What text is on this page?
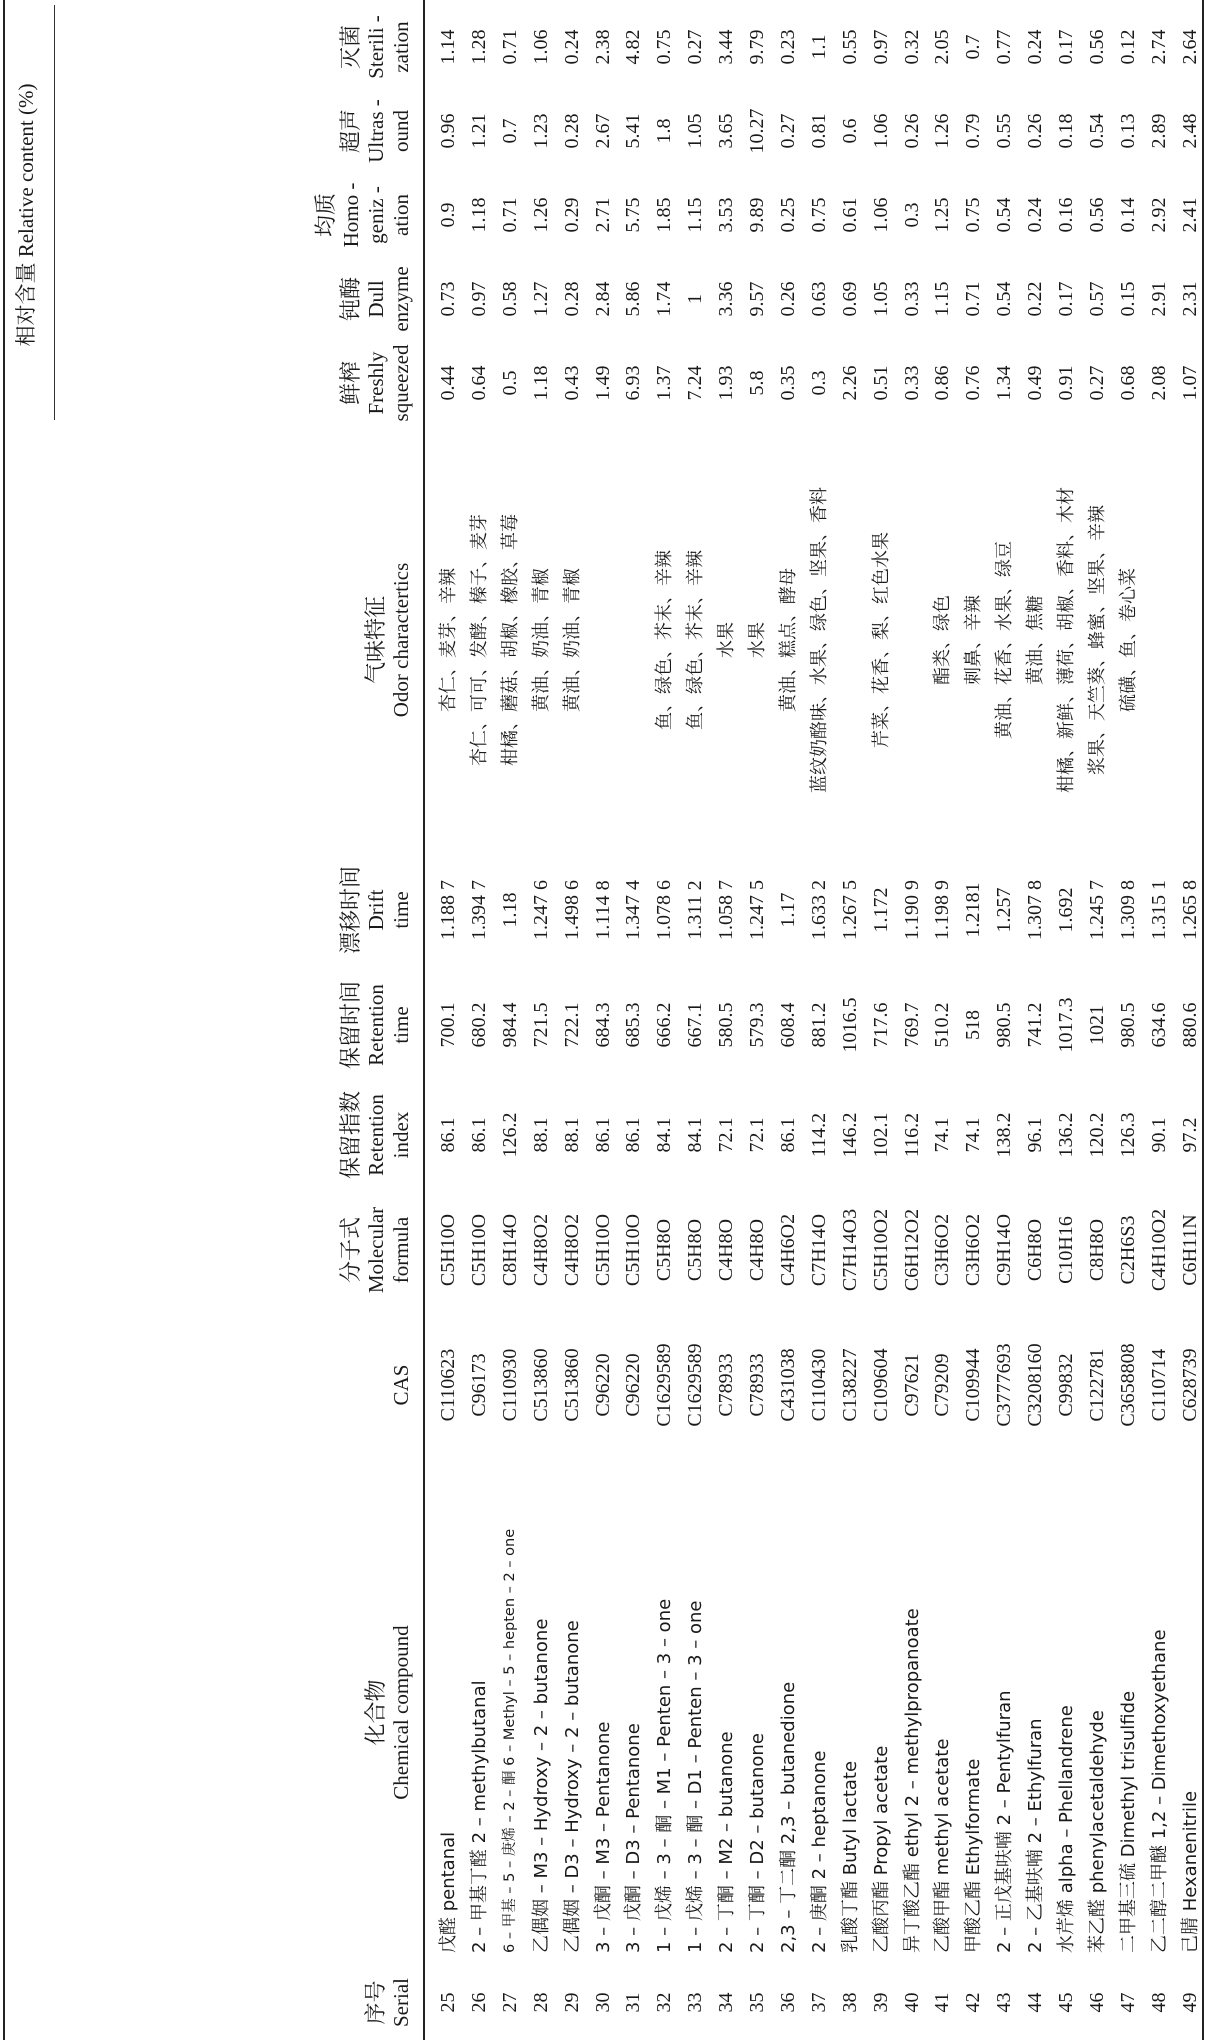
序号 Serial
化合物 Chemical compound
CAS
分子式 Molecular formula
保留指数 Retention index
保留时间 Retention time
漂移时间 Drift time
气味特征 Odor charactertics
相对含量 Relative content (%)
鲜榨 Freshly squeezed
钝酶 Dull enzyme
均质 Homo - geniz - ation
超声 Ultras - ound
灭菌 Sterili - zation
25
戊醛 pentanal
C110623
C5H10O
86.1
700.1
1.188 7
杏仁、麦芽、辛辣
0.44
0.73
0.9
0.96
1.14
26
2 – 甲基丁醛 2 – methylbutanal
C96173
C5H10O
86.1
680.2
1.394 7
杏仁、可可、发酵、榛子、麦芽
0.64
0.97
1.18
1.21
1.28
27
6 – 甲基 – 5 – 庚烯 – 2 – 酮 6 – Methyl – 5 – hepten – 2 – one
C110930
C8H14O
126.2
984.4
1.18
柑橘、蘑菇、胡椒、橡胶、草莓
0.5
0.58
0.71
0.7
0.71
28
乙偶姻 – M3 – Hydroxy – 2 – butanone
C513860
C4H8O2
88.1
721.5
1.247 6
黄油、奶油、青椒
1.18
1.27
1.26
1.23
1.06
29
乙偶姻 – D3 – Hydroxy – 2 – butanone
C513860
C4H8O2
88.1
722.1
1.498 6
黄油、奶油、青椒
0.43
0.28
0.29
0.28
0.24
30
3 – 戊酮 – M3 – Pentanone
C96220
C5H10O
86.1
684.3
1.114 8
1.49
2.84
2.71
2.67
2.38
31
3 – 戊酮 – D3 – Pentanone
C96220
C5H10O
86.1
685.3
1.347 4
6.93
5.86
5.75
5.41
4.82
32
1 – 戊烯 – 3 – 酮 – M1 – Penten – 3 – one
C1629589
C5H8O
84.1
666.2
1.078 6
鱼、绿色、芥末、辛辣
1.37
1.74
1.85
1.8
0.75
33
1 – 戊烯 – 3 – 酮 – D1 – Penten – 3 – one
C1629589
C5H8O
84.1
667.1
1.311 2
鱼、绿色、芥末、辛辣
7.24
1
1.15
1.05
0.27
34
2 – 丁酮 – M2 – butanone
C78933
C4H8O
72.1
580.5
1.058 7
水果
1.93
3.36
3.53
3.65
3.44
35
2 – 丁酮 – D2 – butanone
C78933
C4H8O
72.1
579.3
1.247 5
水果
5.8
9.57
9.89
10.27
9.79
36
2,3 – 丁二酮 2,3 – butanedione
C431038
C4H6O2
86.1
608.4
1.17
黄油、糕点、酵母
0.35
0.26
0.25
0.27
0.23
37
2 – 庚酮 2 – heptanone
C110430
C7H14O
114.2
881.2
1.633 2
蓝纹奶酪味、水果、绿色、坚果、香料
0.3
0.63
0.75
0.81
1.1
38
乳酸丁酯 Butyl lactate
C138227
C7H14O3
146.2
1016.5
1.267 5
2.26
0.69
0.61
0.6
0.55
39
乙酸丙酯 Propyl acetate
C109604
C5H10O2
102.1
717.6
1.172
芹菜、花香、梨、红色水果
0.51
1.05
1.06
1.06
0.97
40
异丁酸乙酯 ethyl 2 – methylpropanoate
C97621
C6H12O2
116.2
769.7
1.190 9
0.33
0.33
0.3
0.26
0.32
41
乙酸甲酯 methyl acetate
C79209
C3H6O2
74.1
510.2
1.198 9
酯类、绿色
0.86
1.15
1.25
1.26
2.05
42
甲酸乙酯 Ethylformate
C109944
C3H6O2
74.1
518
1.2181
刺鼻、辛辣
0.76
0.71
0.75
0.79
0.7
43
2 – 正戊基呋喃 2 – Pentylfuran
C3777693
C9H14O
138.2
980.5
1.257
黄油、花香、水果、绿豆
1.34
0.54
0.54
0.55
0.77
44
2 – 乙基呋喃 2 – Ethylfuran
C3208160
C6H8O
96.1
741.2
1.307 8
黄油、焦糖
0.49
0.22
0.24
0.26
0.24
45
水芹烯 alpha – Phellandrene
C99832
C10H16
136.2
1017.3
1.692
柑橘、新鲜、薄荷、胡椒、香料、木材
0.91
0.17
0.16
0.18
0.17
46
苯乙醛 phenylacetaldehyde
C122781
C8H8O
120.2
1021
1.245 7
浆果、天竺葵、蜂蜜、坚果、辛辣
0.27
0.57
0.56
0.54
0.56
47
二甲基三硫 Dimethyl trisulfide
C3658808
C2H6S3
126.3
980.5
1.309 8
硫磺、鱼、卷心菜
0.68
0.15
0.14
0.13
0.12
48
乙二醇二甲醚 1,2 – Dimethoxyethane
C110714
C4H10O2
90.1
634.6
1.315 1
2.08
2.91
2.92
2.89
2.74
49
己腈 Hexanenitrile
C628739
C6H11N
97.2
880.6
1.265 8
1.07
2.31
2.41
2.48
2.64
